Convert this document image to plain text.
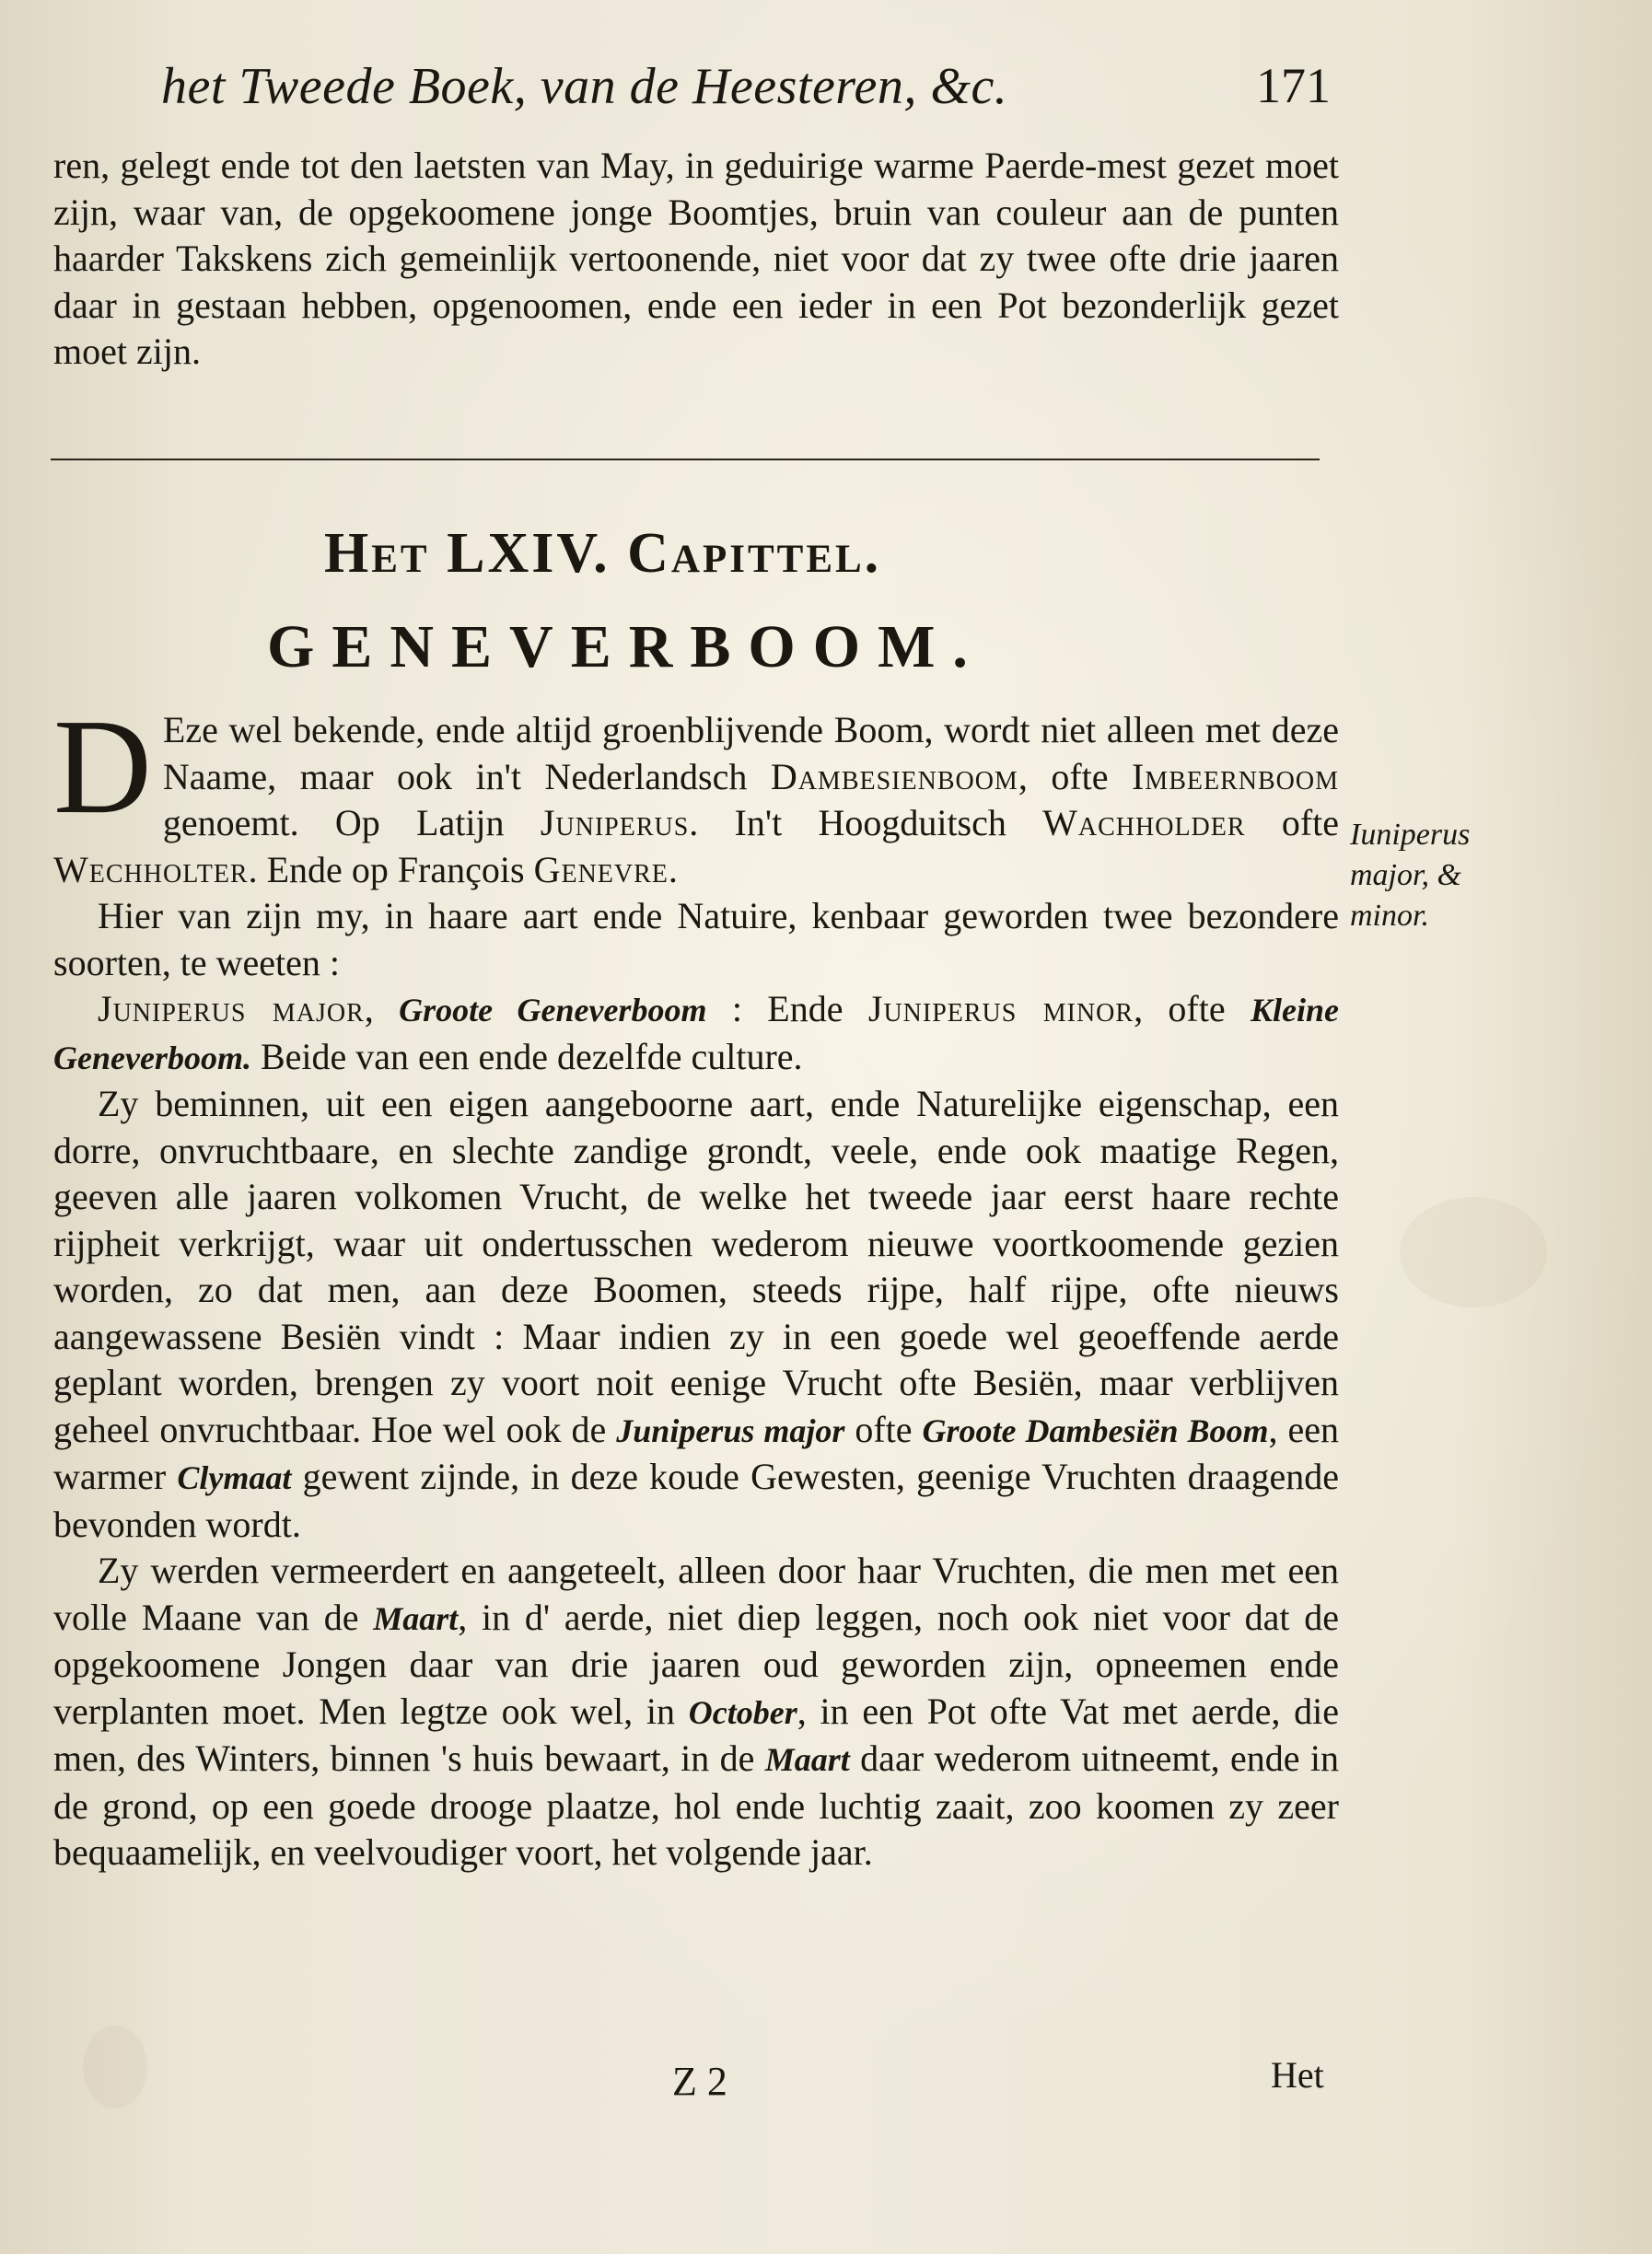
het Tweede Boek, van de Heesteren, &c.	171

ren, gelegt ende tot den laetsten van May, in geduirige warme Paerde-mest gezet moet zijn, waar van, de opgekoomene jonge Boomtjes, bruin van couleur aan de punten haarder Takskens zich gemeinlijk vertoonende, niet voor dat zy twee ofte drie jaaren daar in gestaan hebben, opgenoomen, ende een ieder in een Pot bezonderlijk gezet moet zijn.

Het LXIV. Capittel.
GENEVERBOOM.

D Eze wel bekende, ende altijd groenblijvende Boom, wordt niet alleen met deze Naame, maar ook in't Nederlandsch Dambesienboom, ofte Imbeernboom genoemt. Op Latijn Juniperus. In't Hoogduitsch Wachholder ofte Wechholter. Ende op François Genevre.

Hier van zijn my, in haare aart ende Natuire, kenbaar geworden twee bezondere soorten, te weeten :

Juniperus major, Groote Geneverboom : Ende Juniperus minor, ofte Kleine Geneverboom. Beide van een ende dezelfde culture.

Zy beminnen, uit een eigen aangeboorne aart, ende Naturelijke eigenschap, een dorre, onvruchtbaare, en slechte zandige grondt, veele, ende ook maatige Regen, geeven alle jaaren volkomen Vrucht, de welke het tweede jaar eerst haare rechte rijpheit verkrijgt, waar uit ondertusschen wederom nieuwe voortkoomende gezien worden, zo dat men, aan deze Boomen, steeds rijpe, half rijpe, ofte nieuws aangewassene Besiën vindt : Maar indien zy in een goede wel geoeffende aerde geplant worden, brengen zy voort noit eenige Vrucht ofte Besiën, maar verblijven geheel onvruchtbaar. Hoe wel ook de Juniperus major ofte Groote Dambesiën Boom, een warmer Clymaat gewent zijnde, in deze koude Gewesten, geenige Vruchten draagende bevonden wordt.

Zy werden vermeerdert en aangeteelt, alleen door haar Vruchten, die men met een volle Maane van de Maart, in d' aerde, niet diep leggen, noch ook niet voor dat de opgekoomene Jongen daar van drie jaaren oud geworden zijn, opneemen ende verplanten moet. Men legtze ook wel, in October, in een Pot ofte Vat met aerde, die men, des Winters, binnen 's huis bewaart, in de Maart daar wederom uitneemt, ende in de grond, op een goede drooge plaatze, hol ende luchtig zaait, zoo koomen zy zeer bequaamelijk, en veelvoudiger voort, het volgende jaar.

Iuniperus
major, &
minor.
Z 2	Het
